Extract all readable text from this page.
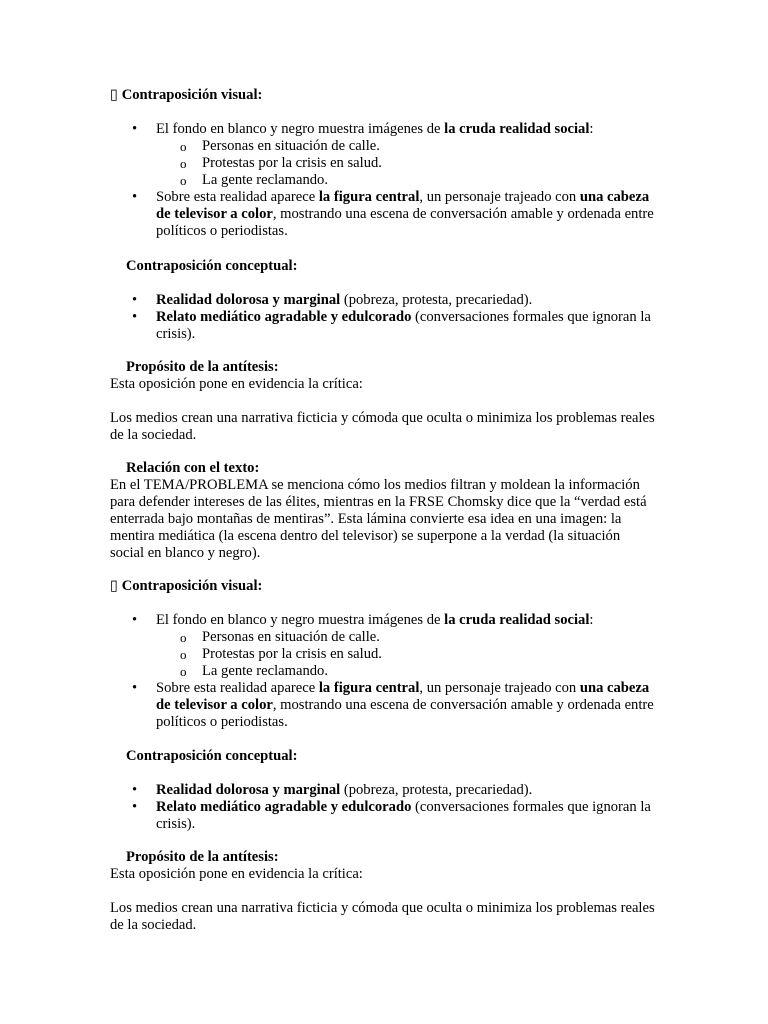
▯ Contraposición visual:

• El fondo en blanco y negro muestra imágenes de la cruda realidad social:
o Personas en situación de calle.
o Protestas por la crisis en salud.
o La gente reclamando.
• Sobre esta realidad aparece la figura central, un personaje trajeado con una cabeza de televisor a color, mostrando una escena de conversación amable y ordenada entre políticos o periodistas.

Contraposición conceptual:

• Realidad dolorosa y marginal (pobreza, protesta, precariedad).
• Relato mediático agradable y edulcorado (conversaciones formales que ignoran la crisis).

Propósito de la antítesis:

Esta oposición pone en evidencia la crítica:

Los medios crean una narrativa ficticia y cómoda que oculta o minimiza los problemas reales de la sociedad.

Relación con el texto:

En el TEMA/PROBLEMA se menciona cómo los medios filtran y moldean la información para defender intereses de las élites, mientras en la FRSE Chomsky dice que la “verdad está enterrada bajo montañas de mentiras”. Esta lámina convierte esa idea en una imagen: la mentira mediática (la escena dentro del televisor) se superpone a la verdad (la situación social en blanco y negro).

▯ Contraposición visual:

• El fondo en blanco y negro muestra imágenes de la cruda realidad social:
o Personas en situación de calle.
o Protestas por la crisis en salud.
o La gente reclamando.
• Sobre esta realidad aparece la figura central, un personaje trajeado con una cabeza de televisor a color, mostrando una escena de conversación amable y ordenada entre políticos o periodistas.

Contraposición conceptual:

• Realidad dolorosa y marginal (pobreza, protesta, precariedad).
• Relato mediático agradable y edulcorado (conversaciones formales que ignoran la crisis).

Propósito de la antítesis:

Esta oposición pone en evidencia la crítica:

Los medios crean una narrativa ficticia y cómoda que oculta o minimiza los problemas reales de la sociedad.
